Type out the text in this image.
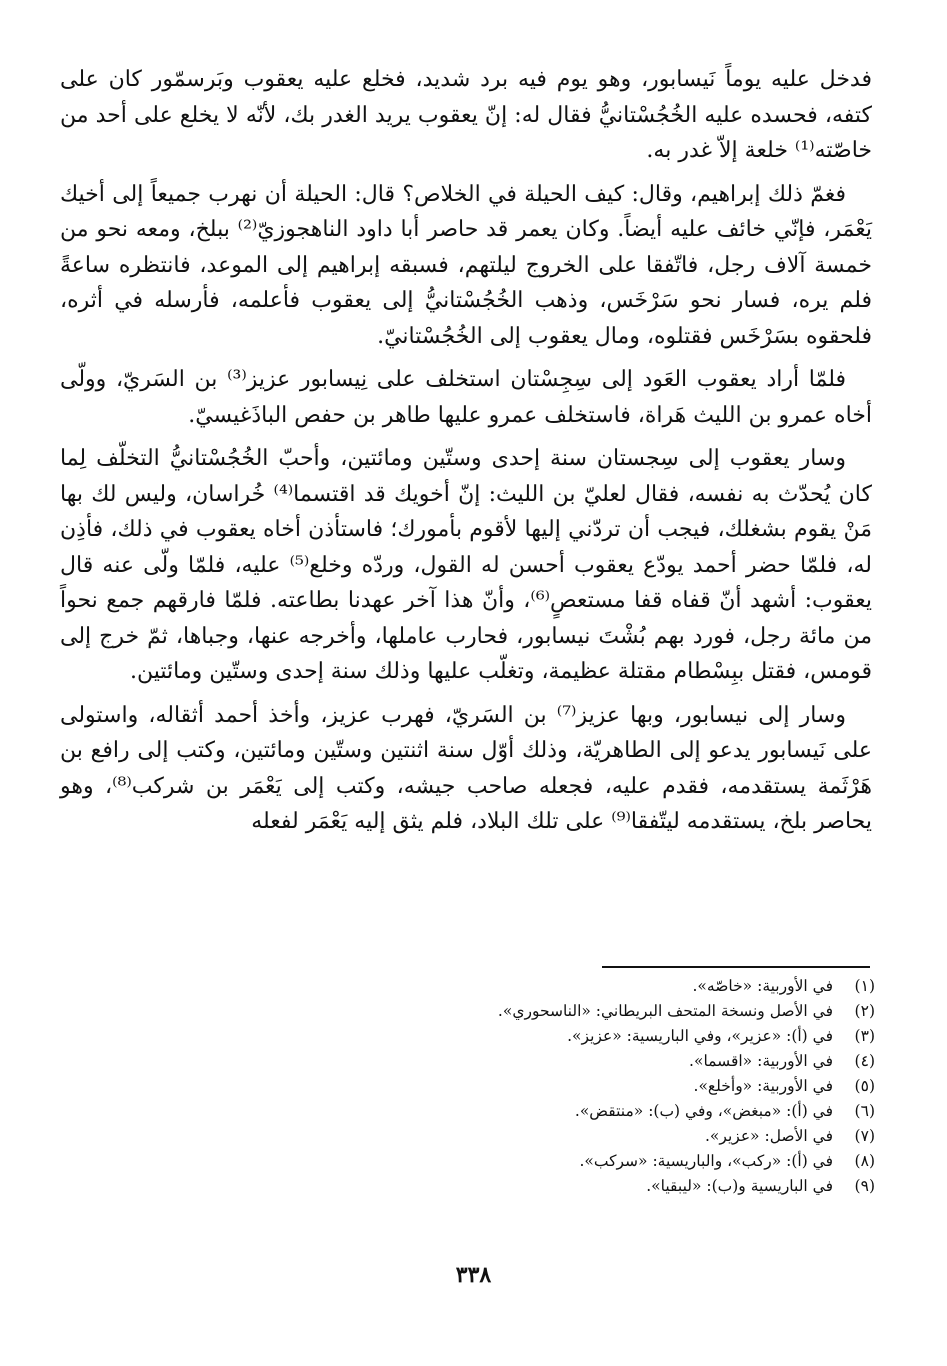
فدخل عليه يوماً نَيسابور، وهو يوم فيه برد شديد، فخلع عليه يعقوب وبَرسمّور كان على كتفه، فحسده عليه الخُجُسْتانيُّ فقال له: إنّ يعقوب يريد الغدر بك، لأنّه لا يخلع على أحد من خاصّته⁽¹⁾ خلعة إلاّ غدر به.

فغمّ ذلك إبراهيم، وقال: كيف الحيلة في الخلاص؟ قال: الحيلة أن نهرب جميعاً إلى أخيك يَعْمَر، فإنّي خائف عليه أيضاً. وكان يعمر قد حاصر أبا داود الناهجوزيّ⁽²⁾ ببلخ، ومعه نحو من خمسة آلاف رجل، فاتّفقا على الخروج ليلتهم، فسبقه إبراهيم إلى الموعد، فانتظره ساعةً فلم يره، فسار نحو سَرْخَس، وذهب الخُجُسْتانيُّ إلى يعقوب فأعلمه، فأرسله في أثره، فلحقوه بسَرْخَس فقتلوه، ومال يعقوب إلى الخُجُسْتانيّ.

فلمّا أراد يعقوب العَود إلى سِجِسْتان استخلف على نِيسابور عزيز⁽³⁾ بن السَريّ، وولّى أخاه عمرو بن الليث هَراة، فاستخلف عمرو عليها طاهر بن حفص الباذَغيسيّ.

وسار يعقوب إلى سِجستان سنة إحدى وستّين ومائتين، وأحبّ الخُجُسْتانيُّ التخلّف لِما كان يُحدّث به نفسه، فقال لعليّ بن الليث: إنّ أخويك قد اقتسما⁽⁴⁾ خُراسان، وليس لك بها مَنْ يقوم بشغلك، فيجب أن تردّني إليها لأقوم بأمورك؛ فاستأذن أخاه يعقوب في ذلك، فأذِن له، فلمّا حضر أحمد يودّع يعقوب أحسن له القول، وردّه وخلع⁽⁵⁾ عليه، فلمّا ولّى عنه قال يعقوب: أشهد أنّ قفاه قفا مستعصٍ⁽⁶⁾، وأنّ هذا آخر عهدنا بطاعته. فلمّا فارقهم جمع نحواً من مائة رجل، فورد بهم بُشْتَ نيسابور، فحارب عاملها، وأخرجه عنها، وجباها، ثمّ خرج إلى قومس، فقتل ببِسْطام مقتلة عظيمة، وتغلّب عليها وذلك سنة إحدى وستّين ومائتين.

وسار إلى نيسابور، وبها عزيز⁽⁷⁾ بن السَريّ، فهرب عزيز، وأخذ أحمد أثقاله، واستولى على نَيسابور يدعو إلى الطاهريّة، وذلك أوّل سنة اثنتين وستّين ومائتين، وكتب إلى رافع بن هَرْثَمة يستقدمه، فقدم عليه، فجعله صاحب جيشه، وكتب إلى يَعْمَر بن شركب⁽⁸⁾، وهو يحاصر بلخ، يستقدمه ليتّفقا⁽⁹⁾ على تلك البلاد، فلم يثق إليه يَعْمَر لفعله

(١)
في الأوربية: «خاصّه».
(٢)
في الأصل ونسخة المتحف البريطاني: «الناسحوري».
(٣)
في (أ): «عزير»، وفي الباريسية: «عزيز».
(٤)
في الأوربية: «اقسما».
(٥)
في الأوربية: «وأخلع».
(٦)
في (أ): «مبغض»، وفي (ب): «منتقض».
(٧)
في الأصل: «عزير».
(٨)
في (أ): «ركب»، والباريسية: «سركب».
(٩)
في الباريسية و(ب): «ليبقيا».
٣٣٨
